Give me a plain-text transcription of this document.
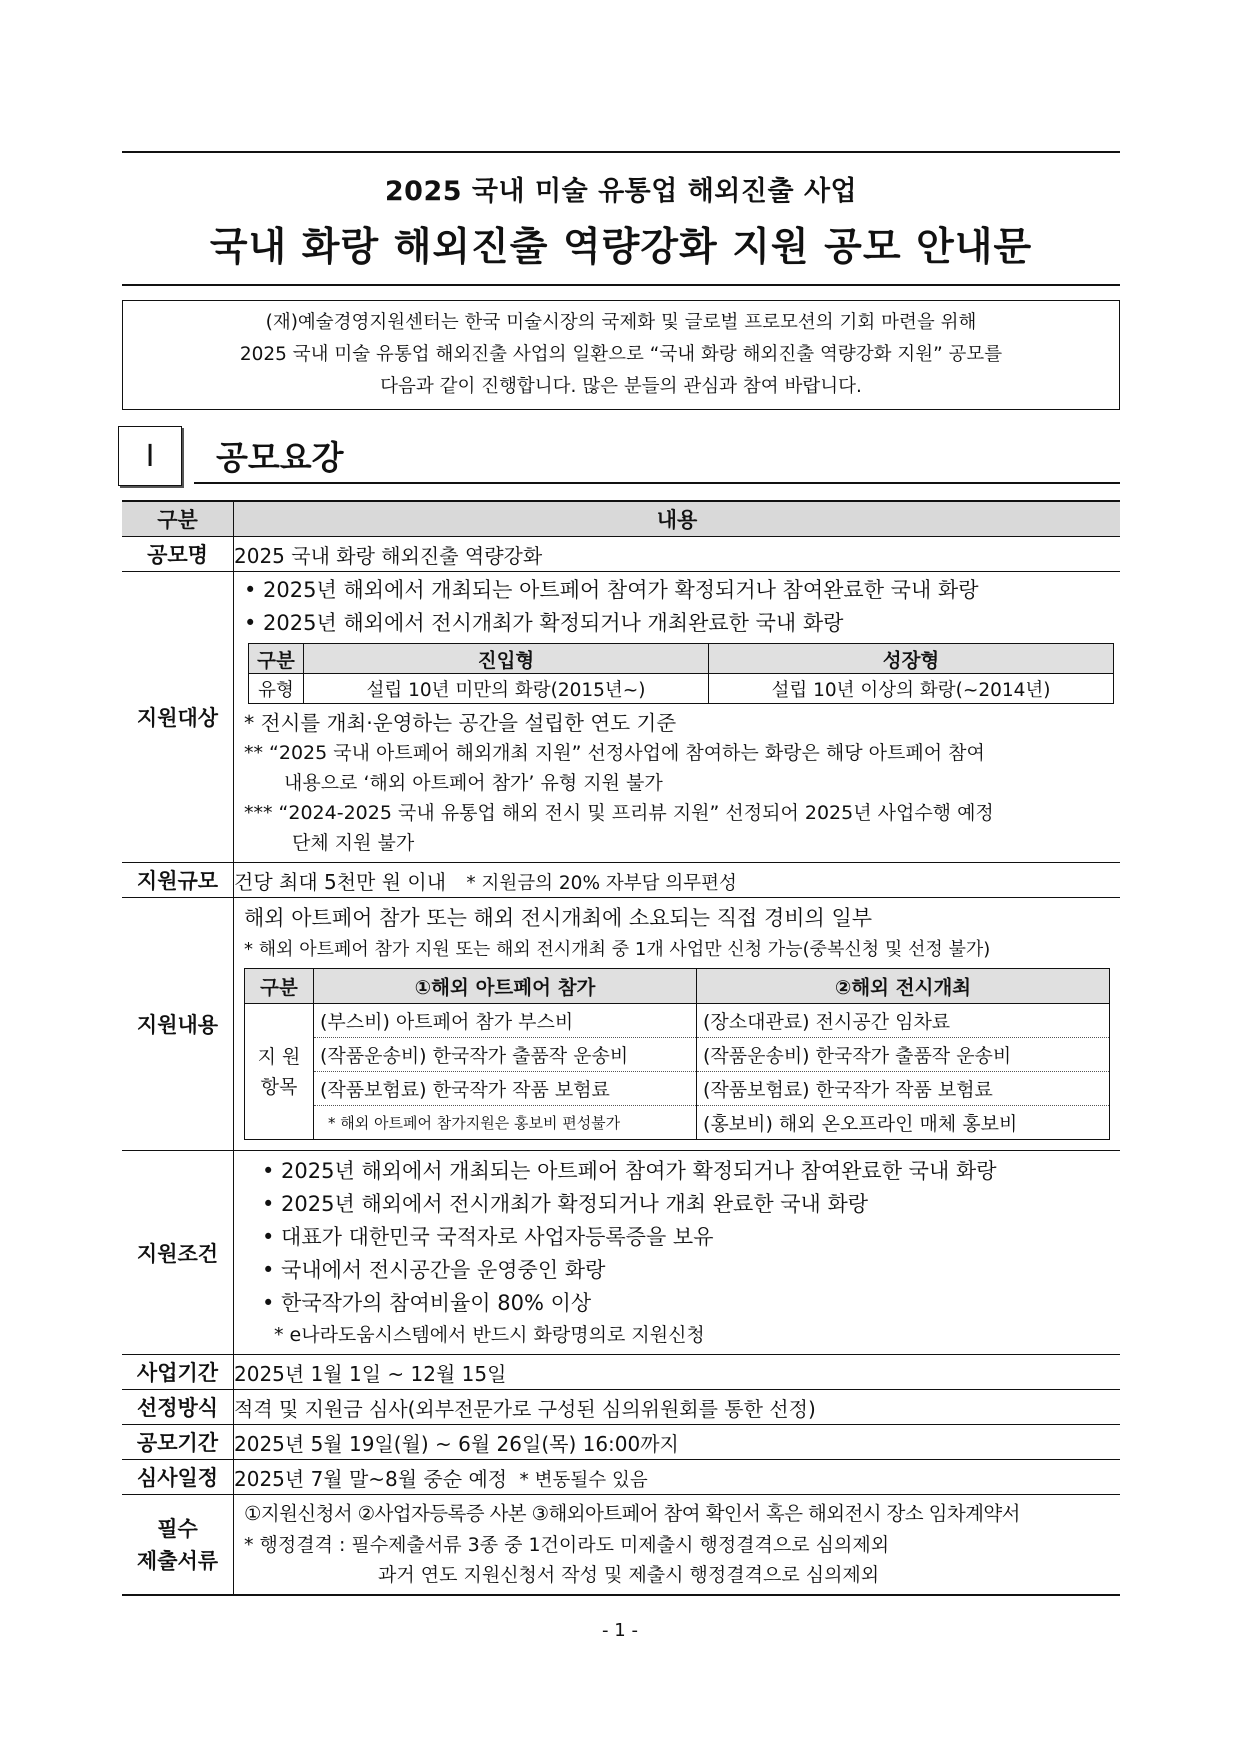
2025 국내 미술 유통업 해외진출 사업
국내 화랑 해외진출 역량강화 지원 공모 안내문
(재)예술경영지원센터는 한국 미술시장의 국제화 및 글로벌 프로모션의 기회 마련을 위해
2025 국내 미술 유통업 해외진출 사업의 일환으로 “국내 화랑 해외진출 역량강화 지원” 공모를
다음과 같이 진행합니다. 많은 분들의 관심과 참여 바랍니다.
Ⅰ	공모요강
구분	내용
공모명	2025 국내 화랑 해외진출 역량강화
지원대상	
• 2025년 해외에서 개최되는 아트페어 참여가 확정되거나 참여완료한 국내 화랑
• 2025년 해외에서 전시개최가 확정되거나 개최완료한 국내 화랑
구분	진입형	성장형
유형	설립 10년 미만의 화랑(2015년~)	설립 10년 이상의 화랑(~2014년)
* 전시를 개최·운영하는 공간을 설립한 연도 기준
** “2025 국내 아트페어 해외개최 지원” 선정사업에 참여하는 화랑은 해당 아트페어 참여
내용으로 ‘해외 아트페어 참가’ 유형 지원 불가
*** “2024-2025 국내 유통업 해외 전시 및 프리뷰 지원” 선정되어 2025년 사업수행 예정
단체 지원 불가

지원규모	건당 최대 5천만 원 이내 * 지원금의 20% 자부담 의무편성
지원내용	
해외 아트페어 참가 또는 해외 전시개최에 소요되는 직접 경비의 일부
* 해외 아트페어 참가 지원 또는 해외 전시개최 중 1개 사업만 신청 가능(중복신청 및 선정 불가)
구분	①해외 아트페어 참가	②해외 전시개최

지 원
항목
	(부스비) 아트페어 참가 부스비	(장소대관료) 전시공간 임차료
(작품운송비) 한국작가 출품작 운송비	(작품운송비) 한국작가 출품작 운송비
(작품보험료) 한국작가 작품 보험료	(작품보험료) 한국작가 작품 보험료
* 해외 아트페어 참가지원은 홍보비 편성불가	(홍보비) 해외 온오프라인 매체 홍보비

지원조건	
• 2025년 해외에서 개최되는 아트페어 참여가 확정되거나 참여완료한 국내 화랑
• 2025년 해외에서 전시개최가 확정되거나 개최 완료한 국내 화랑
• 대표가 대한민국 국적자로 사업자등록증을 보유
• 국내에서 전시공간을 운영중인 화랑
• 한국작가의 참여비율이 80% 이상
* e나라도움시스템에서 반드시 화랑명의로 지원신청

사업기간	2025년 1월 1일 ~ 12월 15일
선정방식	적격 및 지원금 심사(외부전문가로 구성된 심의위원회를 통한 선정)
공모기간	2025년 5월 19일(월) ~ 6월 26일(목) 16:00까지
심사일정	2025년 7월 말~8월 중순 예정 * 변동될수 있음

필수
제출서류

①지원신청서 ②사업자등록증 사본 ③해외아트페어 참여 확인서 혹은 해외전시 장소 임차계약서
* 행정결격 : 필수제출서류 3종 중 1건이라도 미제출시 행정결격으로 심의제외
과거 연도 지원신청서 작성 및 제출시 행정결격으로 심의제외
- 1 -
